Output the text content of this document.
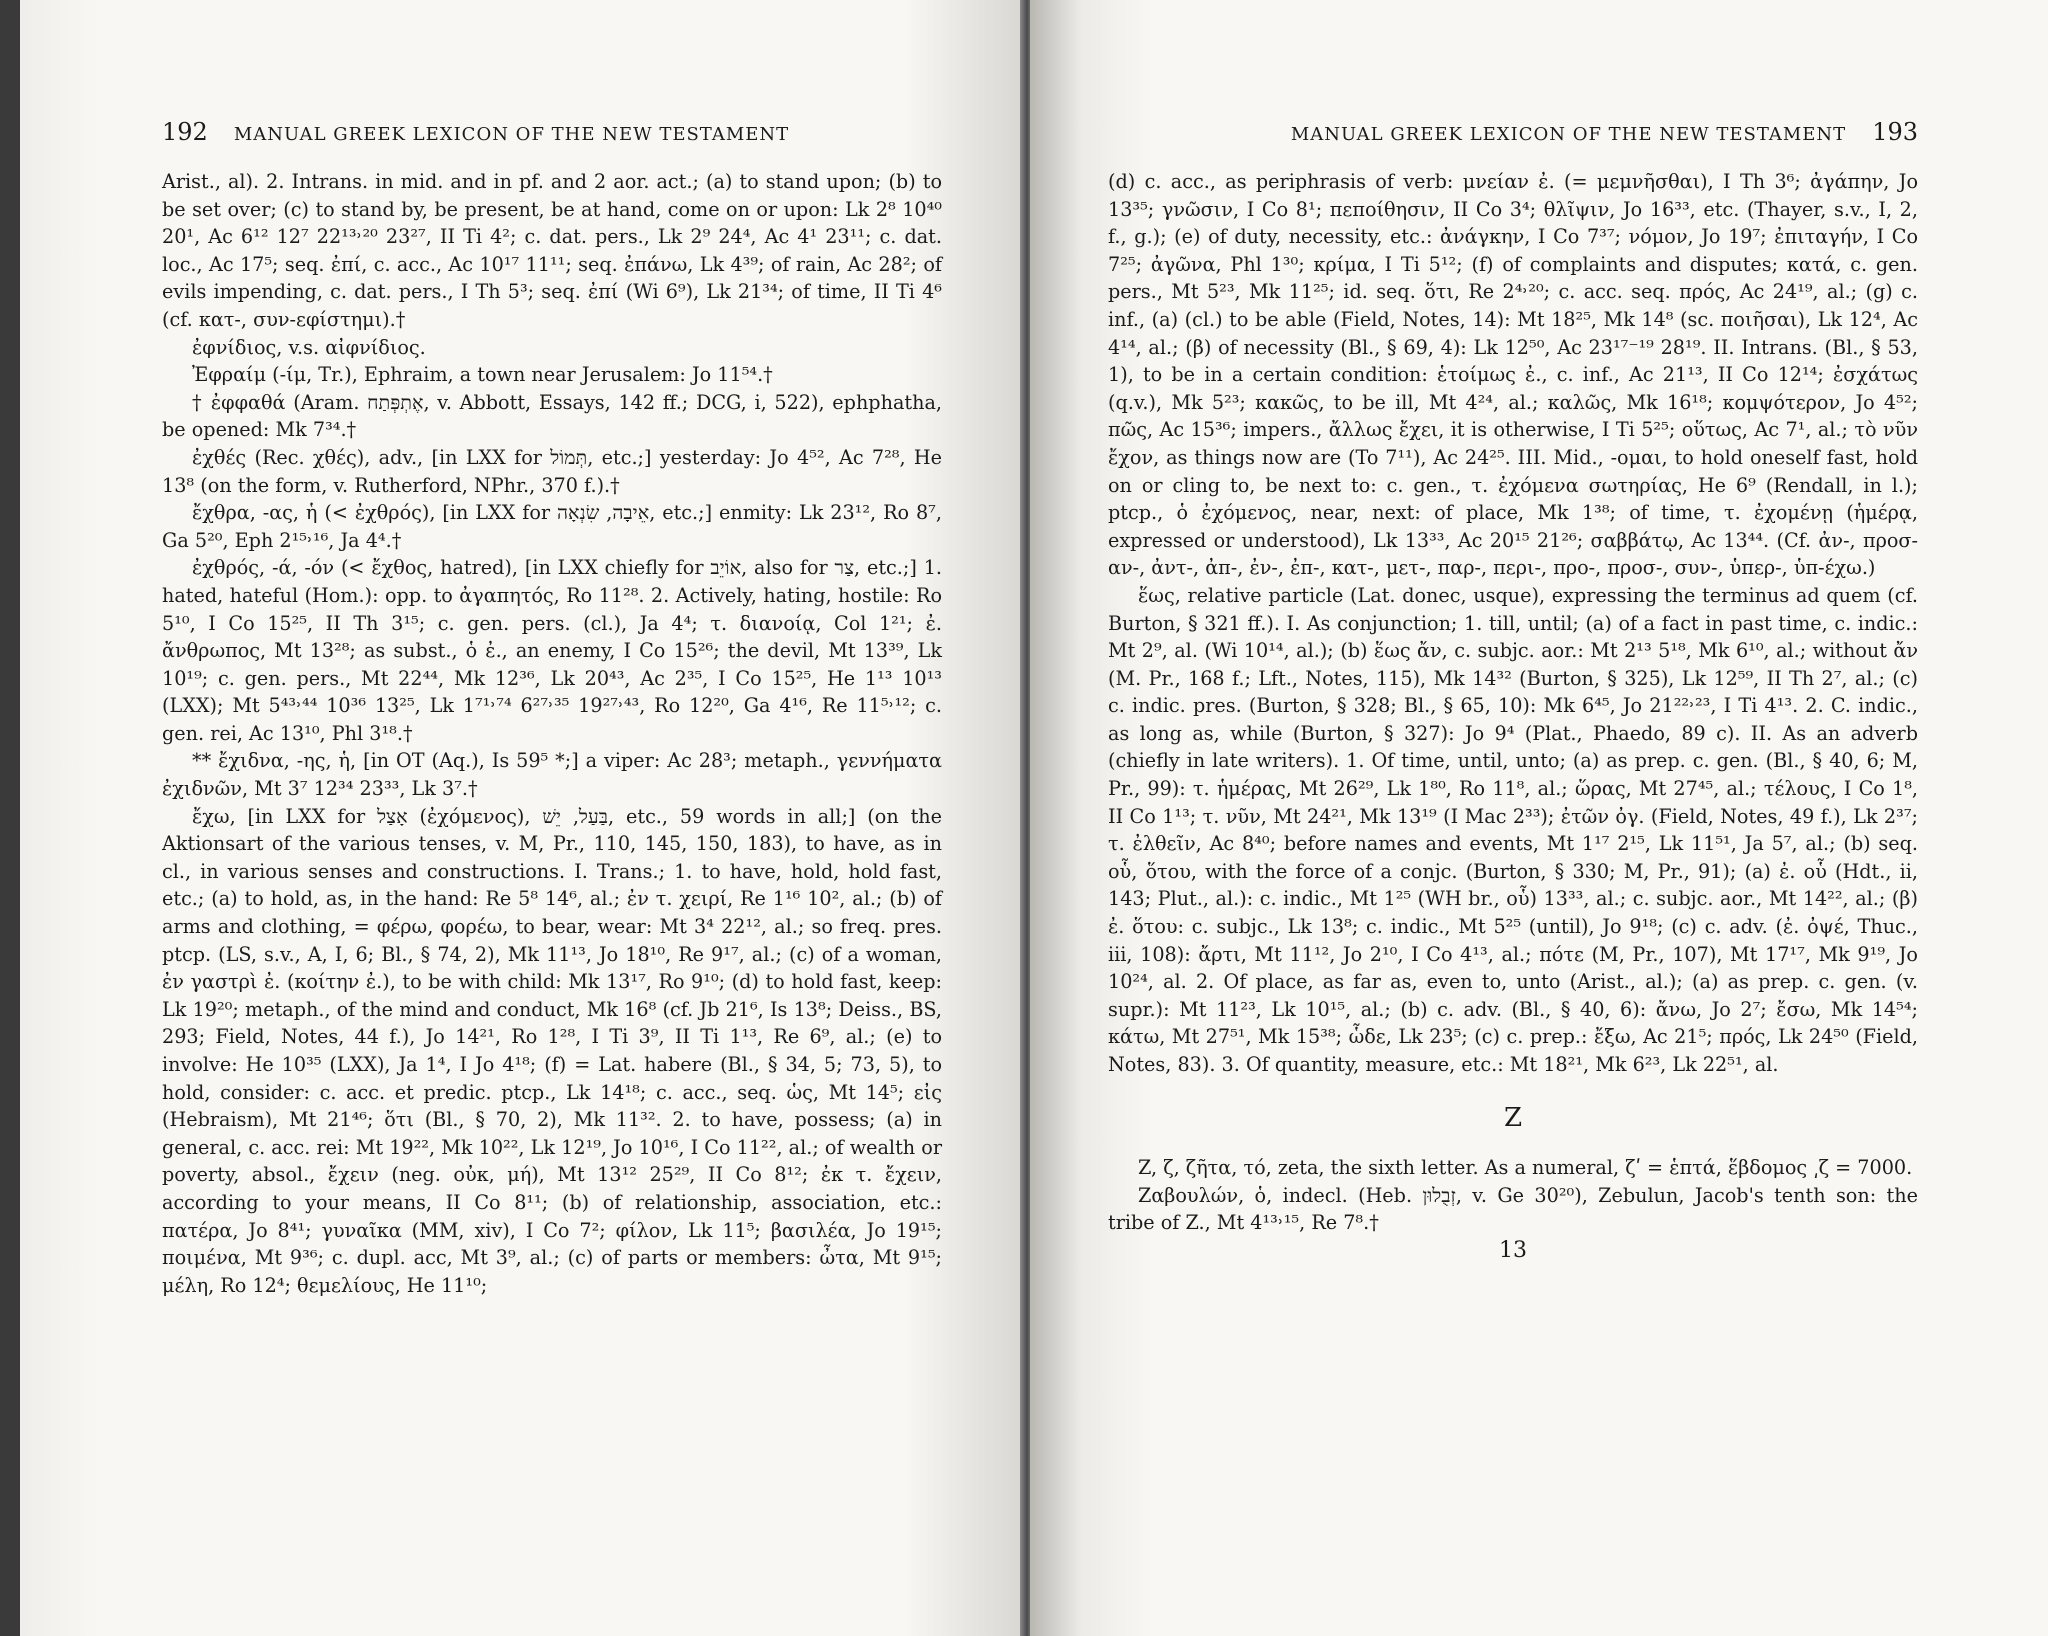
192 MANUAL GREEK LEXICON OF THE NEW TESTAMENT

Arist., al). 2. Intrans. in mid. and in pf. and 2 aor. act.; (a) to stand upon; (b) to be set over; (c) to stand by, be present, be at hand, come on or upon: Lk 2⁸ 10⁴⁰ 20¹, Ac 6¹² 12⁷ 22¹³˒²⁰ 23²⁷, II Ti 4²; c. dat. pers., Lk 2⁹ 24⁴, Ac 4¹ 23¹¹; c. dat. loc., Ac 17⁵; seq. ἐπί, c. acc., Ac 10¹⁷ 11¹¹; seq. ἐπάνω, Lk 4³⁹; of rain, Ac 28²; of evils impending, c. dat. pers., I Th 5³; seq. ἐπί (Wi 6⁹), Lk 21³⁴; of time, II Ti 4⁶ (cf. κατ-, συν-εφίστημι).†

ἐφνίδιος, v.s. αἰφνίδιος.

Ἐφραίμ (-ίμ, Tr.), Ephraim, a town near Jerusalem: Jo 11⁵⁴.†

† ἐφφαθά (Aram. אֶתְפְּתַח, v. Abbott, Essays, 142 ff.; DCG, i, 522), ephphatha, be opened: Mk 7³⁴.†

ἐχθές (Rec. χθές), adv., [in LXX for תְּמוֹל, etc.;] yesterday: Jo 4⁵², Ac 7²⁸, He 13⁸ (on the form, v. Rutherford, NPhr., 370 f.).†

ἔχθρα, -ας, ἡ (< ἐχθρός), [in LXX for אֵיבָה, שִׂנְאָה, etc.;] enmity: Lk 23¹², Ro 8⁷, Ga 5²⁰, Eph 2¹⁵˒¹⁶, Ja 4⁴.†

ἐχθρός, -ά, -όν (< ἔχθος, hatred), [in LXX chiefly for אוֹיֵב, also for צַר, etc.;] 1. hated, hateful (Hom.): opp. to ἀγαπητός, Ro 11²⁸. 2. Actively, hating, hostile: Ro 5¹⁰, I Co 15²⁵, II Th 3¹⁵; c. gen. pers. (cl.), Ja 4⁴; τ. διανοίᾳ, Col 1²¹; ἐ. ἄνθρωπος, Mt 13²⁸; as subst., ὁ ἐ., an enemy, I Co 15²⁶; the devil, Mt 13³⁹, Lk 10¹⁹; c. gen. pers., Mt 22⁴⁴, Mk 12³⁶, Lk 20⁴³, Ac 2³⁵, I Co 15²⁵, He 1¹³ 10¹³ (LXX); Mt 5⁴³˒⁴⁴ 10³⁶ 13²⁵, Lk 1⁷¹˒⁷⁴ 6²⁷˒³⁵ 19²⁷˒⁴³, Ro 12²⁰, Ga 4¹⁶, Re 11⁵˒¹²; c. gen. rei, Ac 13¹⁰, Phl 3¹⁸.†

** ἔχιδνα, -ης, ἡ, [in OT (Aq.), Is 59⁵ *;] a viper: Ac 28³; metaph., γεννήματα ἐχιδνῶν, Mt 3⁷ 12³⁴ 23³³, Lk 3⁷.†

ἔχω, [in LXX for אָצַל (ἐχόμενος), בַּעַל, יֵשׁ, etc., 59 words in all;] (on the Aktionsart of the various tenses, v. M, Pr., 110, 145, 150, 183), to have, as in cl., in various senses and constructions. I. Trans.; 1. to have, hold, hold fast, etc.; (a) to hold, as, in the hand: Re 5⁸ 14⁶, al.; ἐν τ. χειρί, Re 1¹⁶ 10², al.; (b) of arms and clothing, = φέρω, φορέω, to bear, wear: Mt 3⁴ 22¹², al.; so freq. pres. ptcp. (LS, s.v., A, I, 6; Bl., § 74, 2), Mk 11¹³, Jo 18¹⁰, Re 9¹⁷, al.; (c) of a woman, ἐν γαστρὶ ἐ. (κοίτην ἐ.), to be with child: Mk 13¹⁷, Ro 9¹⁰; (d) to hold fast, keep: Lk 19²⁰; metaph., of the mind and conduct, Mk 16⁸ (cf. Jb 21⁶, Is 13⁸; Deiss., BS, 293; Field, Notes, 44 f.), Jo 14²¹, Ro 1²⁸, I Ti 3⁹, II Ti 1¹³, Re 6⁹, al.; (e) to involve: He 10³⁵ (LXX), Ja 1⁴, I Jo 4¹⁸; (f) = Lat. habere (Bl., § 34, 5; 73, 5), to hold, consider: c. acc. et predic. ptcp., Lk 14¹⁸; c. acc., seq. ὡς, Mt 14⁵; εἰς (Hebraism), Mt 21⁴⁶; ὅτι (Bl., § 70, 2), Mk 11³². 2. to have, possess; (a) in general, c. acc. rei: Mt 19²², Mk 10²², Lk 12¹⁹, Jo 10¹⁶, I Co 11²², al.; of wealth or poverty, absol., ἔχειν (neg. οὐκ, μή), Mt 13¹² 25²⁹, II Co 8¹²; ἐκ τ. ἔχειν, according to your means, II Co 8¹¹; (b) of relationship, association, etc.: πατέρα, Jo 8⁴¹; γυναῖκα (MM, xiv), I Co 7²; φίλον, Lk 11⁵; βασιλέα, Jo 19¹⁵; ποιμένα, Mt 9³⁶; c. dupl. acc, Mt 3⁹, al.; (c) of parts or members: ὦτα, Mt 9¹⁵; μέλη, Ro 12⁴; θεμελίους, He 11¹⁰;

MANUAL GREEK LEXICON OF THE NEW TESTAMENT 193

(d) c. acc., as periphrasis of verb: μνείαν ἐ. (= μεμνῆσθαι), I Th 3⁶; ἀγάπην, Jo 13³⁵; γνῶσιν, I Co 8¹; πεποίθησιν, II Co 3⁴; θλῖψιν, Jo 16³³, etc. (Thayer, s.v., I, 2, f., g.); (e) of duty, necessity, etc.: ἀνάγκην, I Co 7³⁷; νόμον, Jo 19⁷; ἐπιταγήν, I Co 7²⁵; ἀγῶνα, Phl 1³⁰; κρίμα, I Ti 5¹²; (f) of complaints and disputes; κατά, c. gen. pers., Mt 5²³, Mk 11²⁵; id. seq. ὅτι, Re 2⁴˒²⁰; c. acc. seq. πρός, Ac 24¹⁹, al.; (g) c. inf., (a) (cl.) to be able (Field, Notes, 14): Mt 18²⁵, Mk 14⁸ (sc. ποιῆσαι), Lk 12⁴, Ac 4¹⁴, al.; (β) of necessity (Bl., § 69, 4): Lk 12⁵⁰, Ac 23¹⁷⁻¹⁹ 28¹⁹. II. Intrans. (Bl., § 53, 1), to be in a certain condition: ἑτοίμως ἐ., c. inf., Ac 21¹³, II Co 12¹⁴; ἐσχάτως (q.v.), Mk 5²³; κακῶς, to be ill, Mt 4²⁴, al.; καλῶς, Mk 16¹⁸; κομψότερον, Jo 4⁵²; πῶς, Ac 15³⁶; impers., ἄλλως ἔχει, it is otherwise, I Ti 5²⁵; οὕτως, Ac 7¹, al.; τὸ νῦν ἔχον, as things now are (To 7¹¹), Ac 24²⁵. III. Mid., -ομαι, to hold oneself fast, hold on or cling to, be next to: c. gen., τ. ἐχόμενα σωτηρίας, He 6⁹ (Rendall, in l.); ptcp., ὁ ἐχόμενος, near, next: of place, Mk 1³⁸; of time, τ. ἐχομένῃ (ἡμέρᾳ, expressed or understood), Lk 13³³, Ac 20¹⁵ 21²⁶; σαββάτῳ, Ac 13⁴⁴. (Cf. ἀν-, προσ-αν-, ἀντ-, ἀπ-, ἐν-, ἐπ-, κατ-, μετ-, παρ-, περι-, προ-, προσ-, συν-, ὑπερ-, ὑπ-έχω.)

ἕως, relative particle (Lat. donec, usque), expressing the terminus ad quem (cf. Burton, § 321 ff.). I. As conjunction; 1. till, until; (a) of a fact in past time, c. indic.: Mt 2⁹, al. (Wi 10¹⁴, al.); (b) ἕως ἄν, c. subjc. aor.: Mt 2¹³ 5¹⁸, Mk 6¹⁰, al.; without ἄν (M. Pr., 168 f.; Lft., Notes, 115), Mk 14³² (Burton, § 325), Lk 12⁵⁹, II Th 2⁷, al.; (c) c. indic. pres. (Burton, § 328; Bl., § 65, 10): Mk 6⁴⁵, Jo 21²²˒²³, I Ti 4¹³. 2. C. indic., as long as, while (Burton, § 327): Jo 9⁴ (Plat., Phaedo, 89 c). II. As an adverb (chiefly in late writers). 1. Of time, until, unto; (a) as prep. c. gen. (Bl., § 40, 6; M, Pr., 99): τ. ἡμέρας, Mt 26²⁹, Lk 1⁸⁰, Ro 11⁸, al.; ὥρας, Mt 27⁴⁵, al.; τέλους, I Co 1⁸, II Co 1¹³; τ. νῦν, Mt 24²¹, Mk 13¹⁹ (I Mac 2³³); ἐτῶν ὀγ. (Field, Notes, 49 f.), Lk 2³⁷; τ. ἐλθεῖν, Ac 8⁴⁰; before names and events, Mt 1¹⁷ 2¹⁵, Lk 11⁵¹, Ja 5⁷, al.; (b) seq. οὗ, ὅτου, with the force of a conjc. (Burton, § 330; M, Pr., 91); (a) ἐ. οὗ (Hdt., ii, 143; Plut., al.): c. indic., Mt 1²⁵ (WH br., οὗ) 13³³, al.; c. subjc. aor., Mt 14²², al.; (β) ἐ. ὅτου: c. subjc., Lk 13⁸; c. indic., Mt 5²⁵ (until), Jo 9¹⁸; (c) c. adv. (ἐ. ὀψέ, Thuc., iii, 108): ἄρτι, Mt 11¹², Jo 2¹⁰, I Co 4¹³, al.; πότε (M, Pr., 107), Mt 17¹⁷, Mk 9¹⁹, Jo 10²⁴, al. 2. Of place, as far as, even to, unto (Arist., al.); (a) as prep. c. gen. (v. supr.): Mt 11²³, Lk 10¹⁵, al.; (b) c. adv. (Bl., § 40, 6): ἄνω, Jo 2⁷; ἔσω, Mk 14⁵⁴; κάτω, Mt 27⁵¹, Mk 15³⁸; ὧδε, Lk 23⁵; (c) c. prep.: ἔξω, Ac 21⁵; πρός, Lk 24⁵⁰ (Field, Notes, 83). 3. Of quantity, measure, etc.: Mt 18²¹, Mk 6²³, Lk 22⁵¹, al.

Z

Z, ζ, ζῆτα, τό, zeta, the sixth letter. As a numeral, ζʹ = ἑπτά, ἕβδομος ͵ζ = 7000.

Ζαβουλών, ὁ, indecl. (Heb. זְבֻלוּן, v. Ge 30²⁰), Zebulun, Jacob's tenth son: the tribe of Z., Mt 4¹³˒¹⁵, Re 7⁸.†

13
